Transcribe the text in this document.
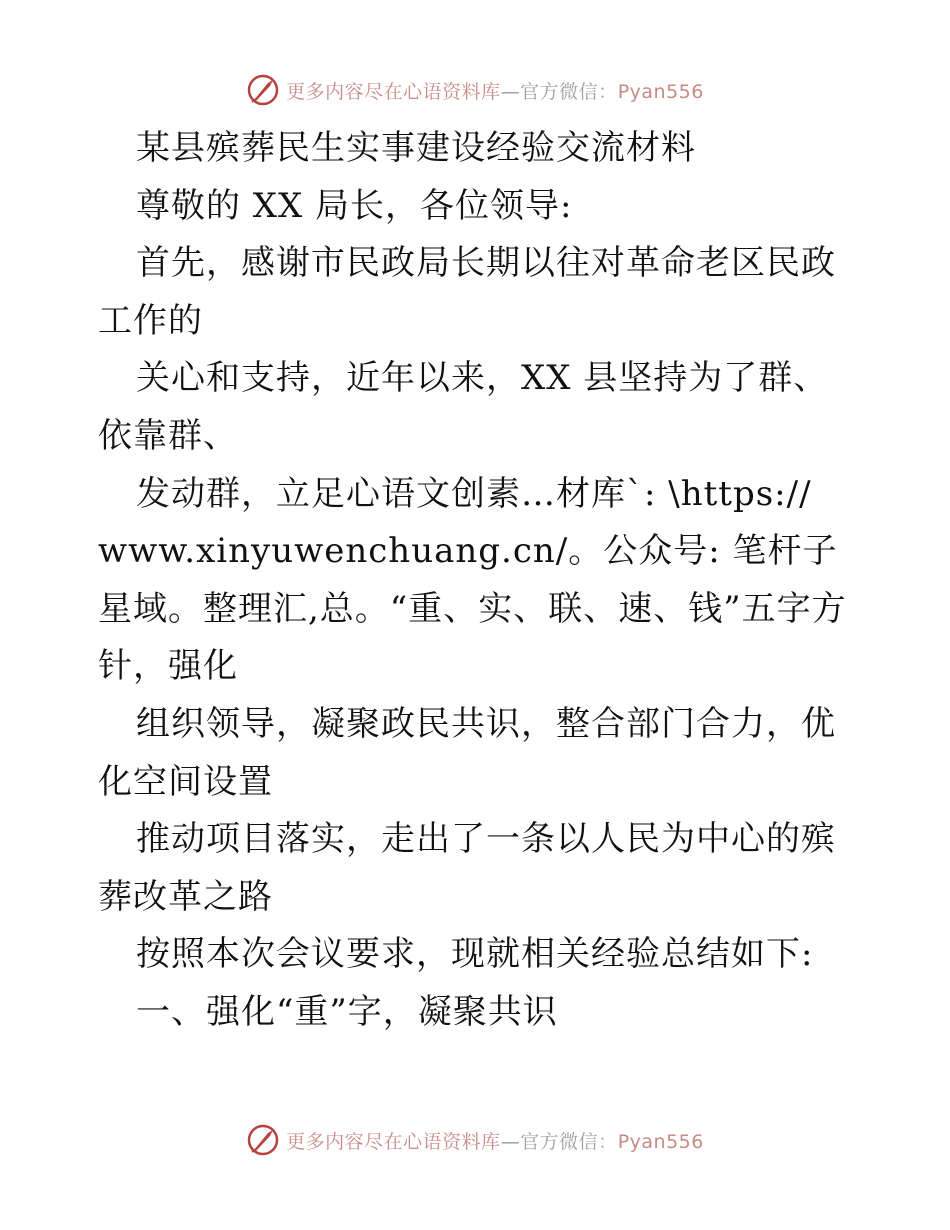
更多内容尽在心语资料库—官方微信：Pyan556

某县殡葬民生实事建设经验交流材料

尊敬的 XX 局长，各位领导:

首先，感谢市民政局长期以往对革命老区民政工作的

关心和支持，近年以来，XX 县坚持为了群、依靠群、

发动群，立足心语文创素…材库`: \https://

www.xinyuwenchuang.cn/。公众号: 笔杆子星域。整理汇,总。“重、实、联、速、钱”五字方针，强化

组织领导，凝聚政民共识，整合部门合力，优化空间设置

推动项目落实，走出了一条以人民为中心的殡葬改革之路

按照本次会议要求，现就相关经验总结如下:

一、强化“重”字，凝聚共识

更多内容尽在心语资料库—官方微信：Pyan556
